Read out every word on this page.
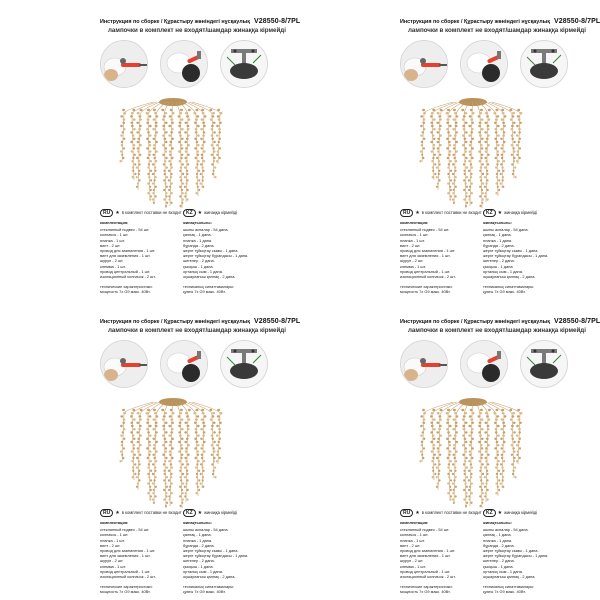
Инструкция по сборке / Құрастыру жөніндегі нұсқаулық V28550-8/7PL
лампочки в комплект не входят/шамдар жинаққа кірмейді
RU ★ в комплект поставки не входит KZ ★ жинаққа кірмейді
комплектация:
стеклянный подвес - 54 шт.
колпачок - 1 шт.
планка - 1 шт.
винт - 2 шт.
провод для заземления - 1 шт.
винт для заземления - 1 шт.
шуруп - 2 шт.
клемма - 1 шт.
провод центральный - 1 шт.
изоляционный колпачок - 2 шт.
технические характеристики:
мощность 7x G9 макс. 40Вт.
жинақтылығы:
шыны аспалар - 54 дана.
қалпақ - 1 дана.
планка - 1 дана.
бұранда - 2 дана.
жерге тұйықтау сымы - 1 дана.
жерге тұйықтау бұрандасы - 1 дана.
шегелер - 2 дана.
қысқыш - 1 дана.
орталық сым - 1 дана.
оқшаулағыш қалпақ - 2 дана.
техникалық сипаттамалары:
қуаты 7x G9 макс. 40Вт.
Инструкция по сборке / Құрастыру жөніндегі нұсқаулық V28550-8/7PL
лампочки в комплект не входят/шамдар жинаққа кірмейді
RU ★ в комплект поставки не входит KZ ★ жинаққа кірмейді
комплектация:
стеклянный подвес - 54 шт.
колпачок - 1 шт.
планка - 1 шт.
винт - 2 шт.
провод для заземления - 1 шт.
винт для заземления - 1 шт.
шуруп - 2 шт.
клемма - 1 шт.
провод центральный - 1 шт.
изоляционный колпачок - 2 шт.
технические характеристики:
мощность 7x G9 макс. 40Вт.
жинақтылығы:
шыны аспалар - 54 дана.
қалпақ - 1 дана.
планка - 1 дана.
бұранда - 2 дана.
жерге тұйықтау сымы - 1 дана.
жерге тұйықтау бұрандасы - 1 дана.
шегелер - 2 дана.
қысқыш - 1 дана.
орталық сым - 1 дана.
оқшаулағыш қалпақ - 2 дана.
техникалық сипаттамалары:
қуаты 7x G9 макс. 40Вт.
Инструкция по сборке / Құрастыру жөніндегі нұсқаулық V28550-8/7PL
лампочки в комплект не входят/шамдар жинаққа кірмейді
RU ★ в комплект поставки не входит KZ ★ жинаққа кірмейді
комплектация:
стеклянный подвес - 54 шт.
колпачок - 1 шт.
планка - 1 шт.
винт - 2 шт.
провод для заземления - 1 шт.
винт для заземления - 1 шт.
шуруп - 2 шт.
клемма - 1 шт.
провод центральный - 1 шт.
изоляционный колпачок - 2 шт.
технические характеристики:
мощность 7x G9 макс. 40Вт.
жинақтылығы:
шыны аспалар - 54 дана.
қалпақ - 1 дана.
планка - 1 дана.
бұранда - 2 дана.
жерге тұйықтау сымы - 1 дана.
жерге тұйықтау бұрандасы - 1 дана.
шегелер - 2 дана.
қысқыш - 1 дана.
орталық сым - 1 дана.
оқшаулағыш қалпақ - 2 дана.
техникалық сипаттамалары:
қуаты 7x G9 макс. 40Вт.
Инструкция по сборке / Құрастыру жөніндегі нұсқаулық V28550-8/7PL
лампочки в комплект не входят/шамдар жинаққа кірмейді
RU ★ в комплект поставки не входит KZ ★ жинаққа кірмейді
комплектация:
стеклянный подвес - 54 шт.
колпачок - 1 шт.
планка - 1 шт.
винт - 2 шт.
провод для заземления - 1 шт.
винт для заземления - 1 шт.
шуруп - 2 шт.
клемма - 1 шт.
провод центральный - 1 шт.
изоляционный колпачок - 2 шт.
технические характеристики:
мощность 7x G9 макс. 40Вт.
жинақтылығы:
шыны аспалар - 54 дана.
қалпақ - 1 дана.
планка - 1 дана.
бұранда - 2 дана.
жерге тұйықтау сымы - 1 дана.
жерге тұйықтау бұрандасы - 1 дана.
шегелер - 2 дана.
қысқыш - 1 дана.
орталық сым - 1 дана.
оқшаулағыш қалпақ - 2 дана.
техникалық сипаттамалары:
қуаты 7x G9 макс. 40Вт.
